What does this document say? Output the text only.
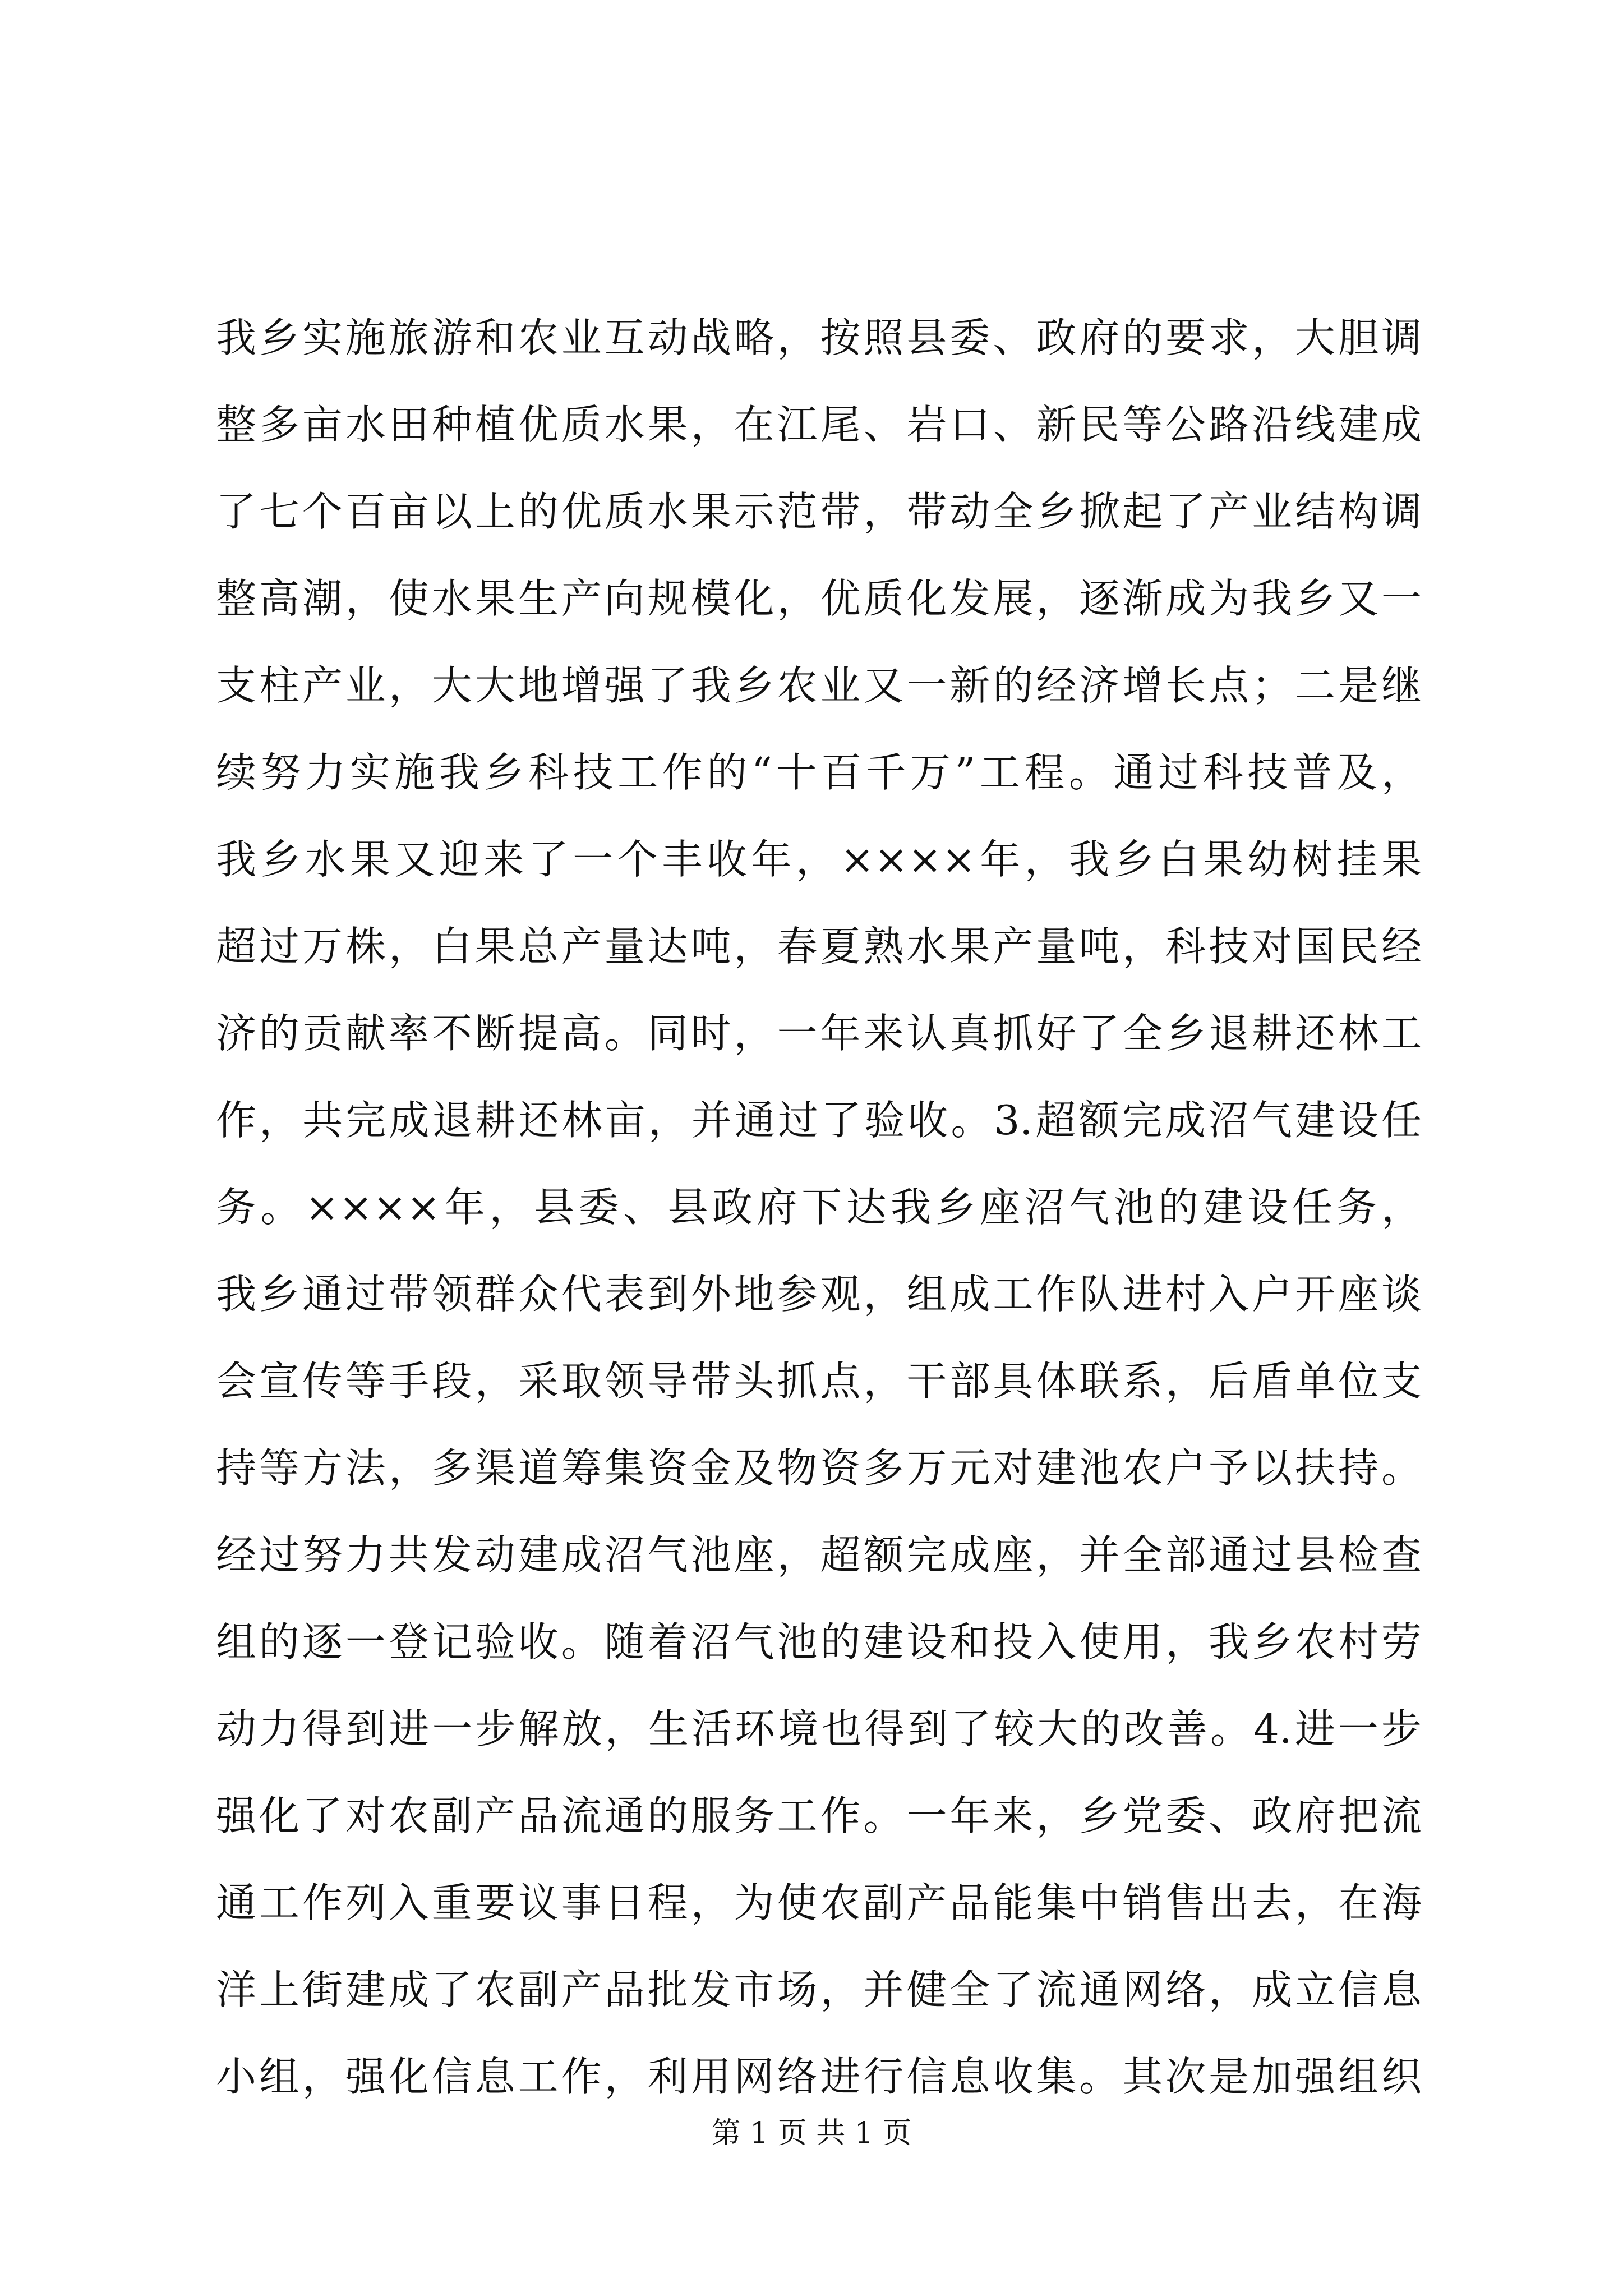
我乡实施旅游和农业互动战略，按照县委、政府的要求，大胆调
整多亩水田种植优质水果，在江尾、岩口、新民等公路沿线建成
了七个百亩以上的优质水果示范带，带动全乡掀起了产业结构调
整高潮，使水果生产向规模化，优质化发展，逐渐成为我乡又一
支柱产业，大大地增强了我乡农业又一新的经济增长点；二是继
续努力实施我乡科技工作的“十百千万”工程。通过科技普及，
我乡水果又迎来了一个丰收年，××××年，我乡白果幼树挂果
超过万株，白果总产量达吨，春夏熟水果产量吨，科技对国民经
济的贡献率不断提高。同时，一年来认真抓好了全乡退耕还林工
作，共完成退耕还林亩，并通过了验收。3.超额完成沼气建设任
务。××××年，县委、县政府下达我乡座沼气池的建设任务，
我乡通过带领群众代表到外地参观，组成工作队进村入户开座谈
会宣传等手段，采取领导带头抓点，干部具体联系，后盾单位支
持等方法，多渠道筹集资金及物资多万元对建池农户予以扶持。
经过努力共发动建成沼气池座，超额完成座，并全部通过县检查
组的逐一登记验收。随着沼气池的建设和投入使用，我乡农村劳
动力得到进一步解放，生活环境也得到了较大的改善。4.进一步
强化了对农副产品流通的服务工作。一年来，乡党委、政府把流
通工作列入重要议事日程，为使农副产品能集中销售出去，在海
洋上街建成了农副产品批发市场，并健全了流通网络，成立信息
小组，强化信息工作，利用网络进行信息收集。其次是加强组织
第 1 页 共 1 页
